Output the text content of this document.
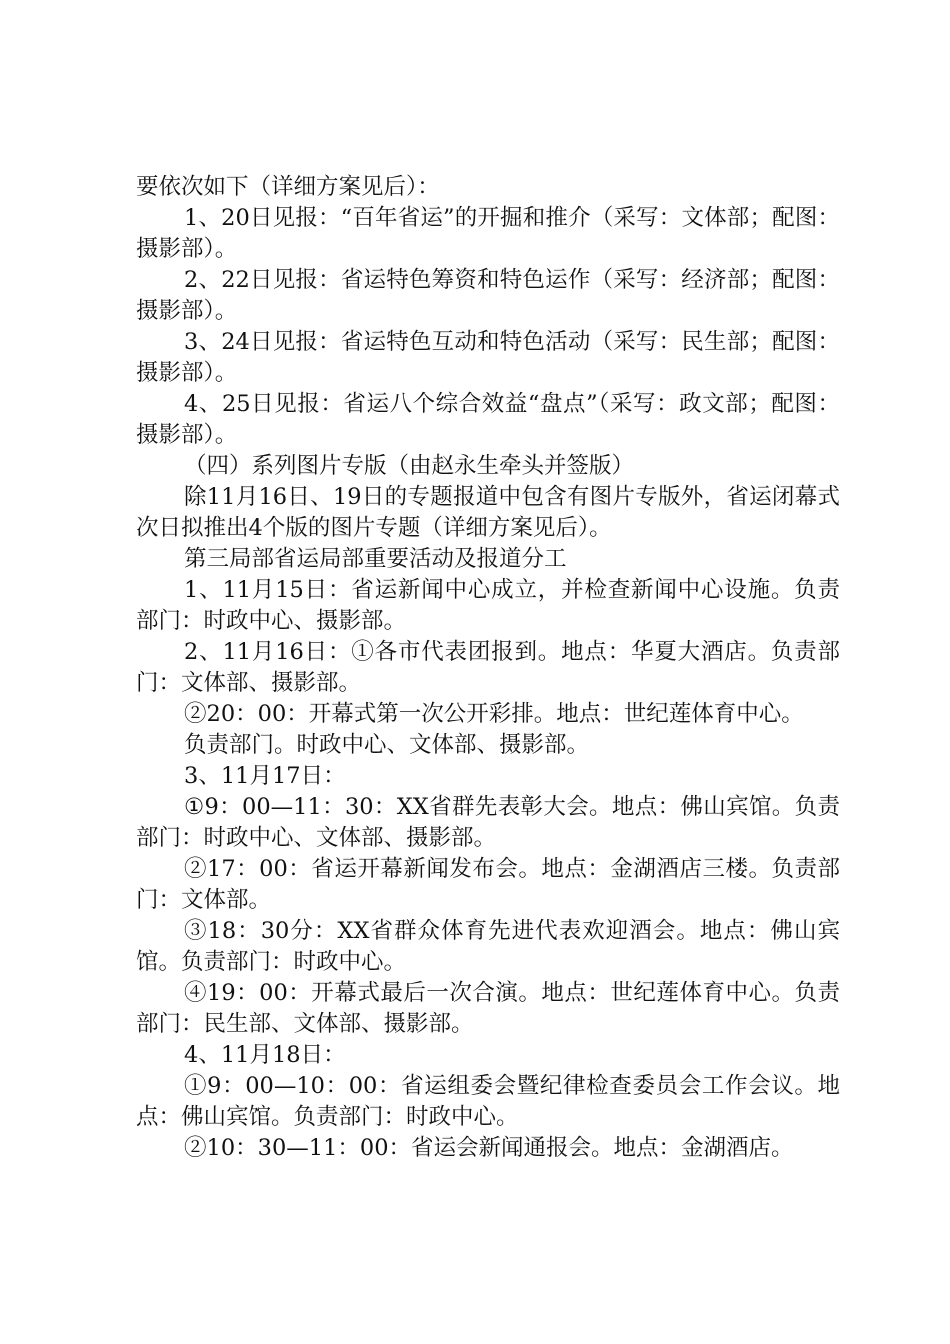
要依次如下（详细方案见后）：

1、20日见报：“百年省运”的开掘和推介（采写：文体部；配图：摄影部）。

2、22日见报：省运特色筹资和特色运作（采写：经济部；配图：摄影部）。

3、24日见报：省运特色互动和特色活动（采写：民生部；配图：摄影部）。

4、25日见报：省运八个综合效益“盘点”（采写：政文部；配图：摄影部）。

（四）系列图片专版（由赵永生牵头并签版）

除11月16日、19日的专题报道中包含有图片专版外，省运闭幕式次日拟推出4个版的图片专题（详细方案见后）。

第三局部省运局部重要活动及报道分工

1、11月15日：省运新闻中心成立，并检查新闻中心设施。负责部门：时政中心、摄影部。

2、11月16日：①各市代表团报到。地点：华夏大酒店。负责部门：文体部、摄影部。

②20：00：开幕式第一次公开彩排。地点：世纪莲体育中心。

负责部门。时政中心、文体部、摄影部。

3、11月17日：

①9：00—11：30：XX省群先表彰大会。地点：佛山宾馆。负责部门：时政中心、文体部、摄影部。

②17：00：省运开幕新闻发布会。地点：金湖酒店三楼。负责部门：文体部。

③18：30分：XX省群众体育先进代表欢迎酒会。地点：佛山宾馆。负责部门：时政中心。

④19：00：开幕式最后一次合演。地点：世纪莲体育中心。负责部门：民生部、文体部、摄影部。

4、11月18日：

①9：00—10：00：省运组委会暨纪律检查委员会工作会议。地点：佛山宾馆。负责部门：时政中心。

②10：30—11：00：省运会新闻通报会。地点：金湖酒店。
